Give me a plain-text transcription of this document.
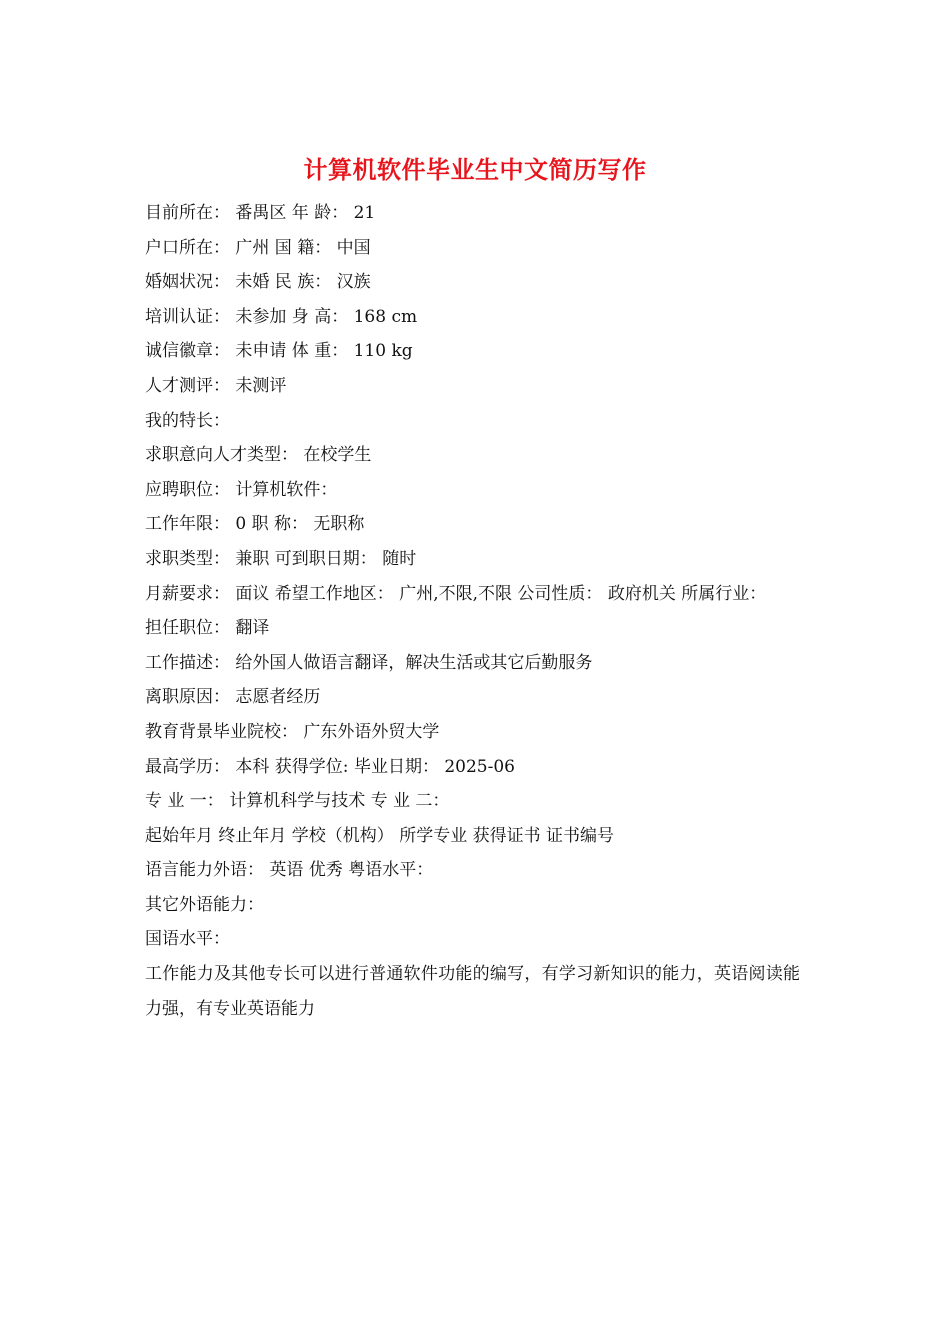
计算机软件毕业生中文简历写作
目前所在： 番禺区 年 龄： 21
户口所在： 广州 国 籍： 中国
婚姻状况： 未婚 民 族： 汉族
培训认证： 未参加 身 高： 168 cm
诚信徽章： 未申请 体 重： 110 kg
人才测评： 未测评
我的特长：
求职意向人才类型： 在校学生
应聘职位： 计算机软件：
工作年限： 0 职 称： 无职称
求职类型： 兼职 可到职日期： 随时
月薪要求： 面议 希望工作地区： 广州,不限,不限 公司性质： 政府机关 所属行业：
担任职位： 翻译
工作描述： 给外国人做语言翻译，解决生活或其它后勤服务
离职原因： 志愿者经历
教育背景毕业院校： 广东外语外贸大学
最高学历： 本科 获得学位: 毕业日期： 2025-06
专 业 一： 计算机科学与技术 专 业 二：
起始年月 终止年月 学校（机构） 所学专业 获得证书 证书编号
语言能力外语： 英语 优秀 粤语水平：
其它外语能力：
国语水平：
工作能力及其他专长可以进行普通软件功能的编写，有学习新知识的能力，英语阅读能力强，有专业英语能力
